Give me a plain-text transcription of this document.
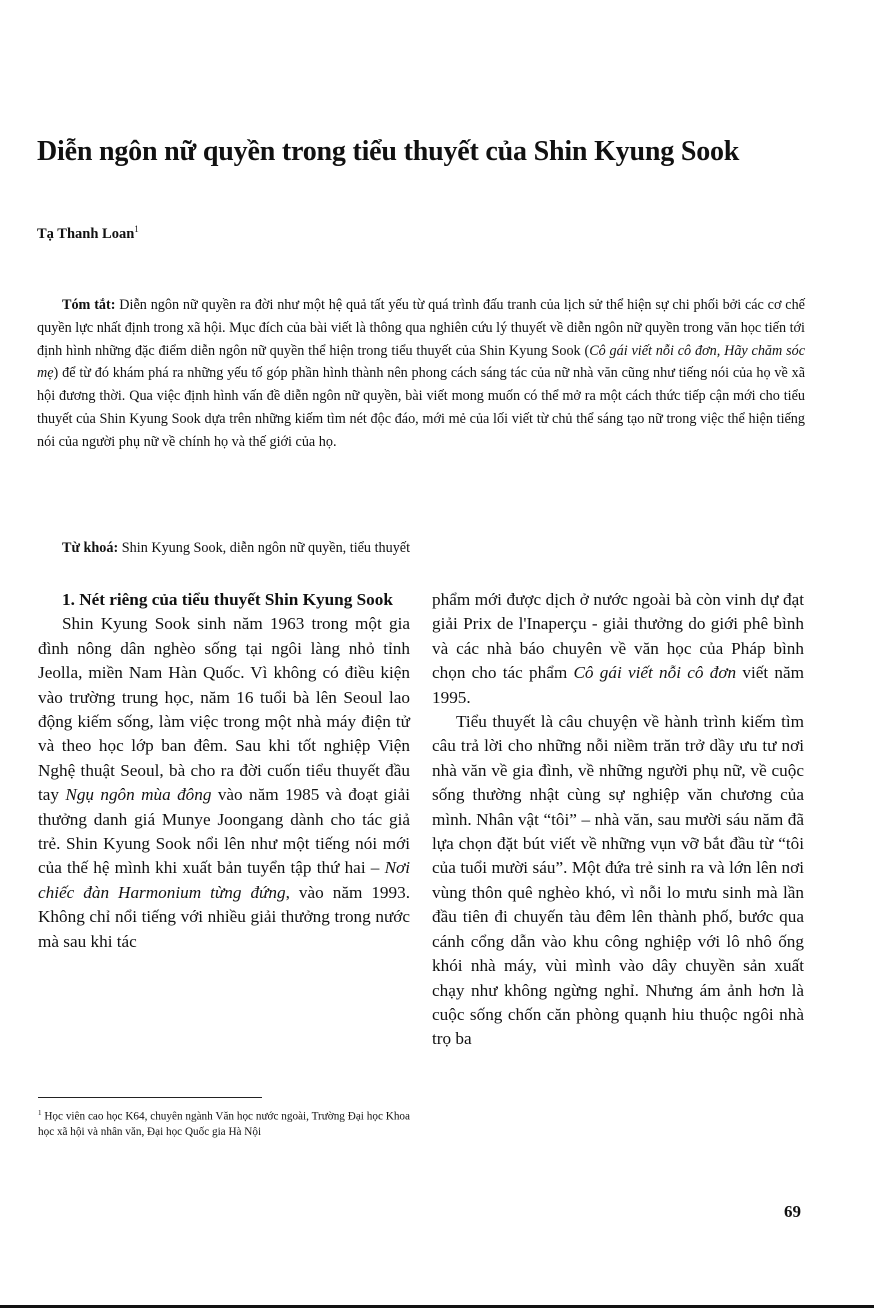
Diễn ngôn nữ quyền trong tiểu thuyết của Shin Kyung Sook
Tạ Thanh Loan$^1$

Tóm tắt: Diễn ngôn nữ quyền ra đời như một hệ quả tất yếu từ quá trình đấu tranh của lịch sử thể hiện sự chi phối bởi các cơ chế quyền lực nhất định trong xã hội. Mục đích của bài viết là thông qua nghiên cứu lý thuyết về diễn ngôn nữ quyền trong văn học tiến tới định hình những đặc điểm diễn ngôn nữ quyền thể hiện trong tiểu thuyết của Shin Kyung Sook (Cô gái viết nỗi cô đơn, Hãy chăm sóc mẹ) để từ đó khám phá ra những yếu tố góp phần hình thành nên phong cách sáng tác của nữ nhà văn cũng như tiếng nói của họ về xã hội đương thời. Qua việc định hình vấn đề diễn ngôn nữ quyền, bài viết mong muốn có thể mở ra một cách thức tiếp cận mới cho tiểu thuyết của Shin Kyung Sook dựa trên những kiếm tìm nét độc đáo, mới mẻ của lối viết từ chủ thể sáng tạo nữ trong việc thể hiện tiếng nói của người phụ nữ về chính họ và thế giới của họ.

Từ khoá: Shin Kyung Sook, diễn ngôn nữ quyền, tiểu thuyết
1. Nét riêng của tiểu thuyết Shin Kyung Sook

Shin Kyung Sook sinh năm 1963 trong một gia đình nông dân nghèo sống tại ngôi làng nhỏ tỉnh Jeolla, miền Nam Hàn Quốc. Vì không có điều kiện vào trường trung học, năm 16 tuổi bà lên Seoul lao động kiếm sống, làm việc trong một nhà máy điện tử và theo học lớp ban đêm. Sau khi tốt nghiệp Viện Nghệ thuật Seoul, bà cho ra đời cuốn tiểu thuyết đầu tay Ngụ ngôn mùa đông vào năm 1985 và đoạt giải thưởng danh giá Munye Joongang dành cho tác giả trẻ. Shin Kyung Sook nổi lên như một tiếng nói mới của thế hệ mình khi xuất bản tuyển tập thứ hai – Nơi chiếc đàn Harmonium từng đứng, vào năm 1993. Không chỉ nổi tiếng với nhiều giải thưởng trong nước mà sau khi tác

$^1$ Học viên cao học K64, chuyên ngành Văn học nước ngoài, Trường Đại học Khoa học xã hội và nhân văn, Đại học Quốc gia Hà Nội

phẩm mới được dịch ở nước ngoài bà còn vinh dự đạt giải Prix de l'Inaperçu - giải thưởng do giới phê bình và các nhà báo chuyên về văn học của Pháp bình chọn cho tác phẩm Cô gái viết nỗi cô đơn viết năm 1995.

Tiểu thuyết là câu chuyện về hành trình kiếm tìm câu trả lời cho những nỗi niềm trăn trở dầy ưu tư nơi nhà văn về gia đình, về những người phụ nữ, về cuộc sống thường nhật cùng sự nghiệp văn chương của mình. Nhân vật “tôi” – nhà văn, sau mười sáu năm đã lựa chọn đặt bút viết về những vụn vỡ bắt đầu từ “tôi của tuổi mười sáu”. Một đứa trẻ sinh ra và lớn lên nơi vùng thôn quê nghèo khó, vì nỗi lo mưu sinh mà lần đầu tiên đi chuyến tàu đêm lên thành phố, bước qua cánh cổng dẫn vào khu công nghiệp với lô nhô ống khói nhà máy, vùi mình vào dây chuyền sản xuất chạy như không ngừng nghỉ. Nhưng ám ảnh hơn là cuộc sống chốn căn phòng quạnh hiu thuộc ngôi nhà trọ ba

69
